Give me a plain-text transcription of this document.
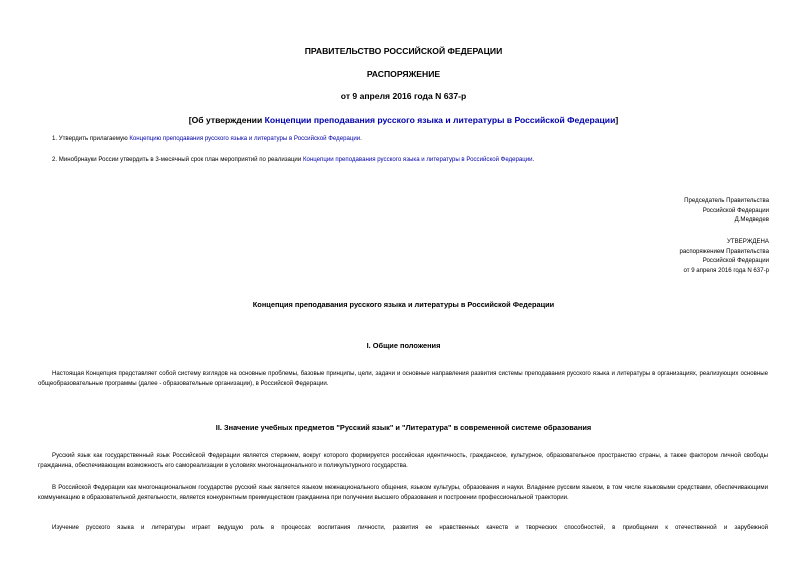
ПРАВИТЕЛЬСТВО РОССИЙСКОЙ ФЕДЕРАЦИИ
РАСПОРЯЖЕНИЕ
от 9 апреля 2016 года N 637-р
[Об утверждении Концепции преподавания русского языка и литературы в Российской Федерации]
1. Утвердить прилагаемую Концепцию преподавания русского языка и литературы в Российской Федерации.
2. Минобрнауки России утвердить в 3-месячный срок план мероприятий по реализации Концепции преподавания русского языка и литературы в Российской Федерации.
Председатель Правительства
Российской Федерации
Д.Медведев
УТВЕРЖДЕНА
распоряжением Правительства
Российской Федерации
от 9 апреля 2016 года N 637-р
Концепция преподавания русского языка и литературы в Российской Федерации
I. Общие положения
Настоящая Концепция представляет собой систему взглядов на основные проблемы, базовые принципы, цели, задачи и основные направления развития системы преподавания русского языка и литературы в организациях, реализующих основные общеобразовательные программы (далее - образовательные организации), в Российской Федерации.
II. Значение учебных предметов "Русский язык" и "Литература" в современной системе образования
Русский язык как государственный язык Российской Федерации является стержнем, вокруг которого формируется российская идентичность, гражданское, культурное, образовательное пространство страны, а также фактором личной свободы гражданина, обеспечивающим возможность его самореализации в условиях многонационального и поликультурного государства.
В Российской Федерации как многонациональном государстве русский язык является языком межнационального общения, языком культуры, образования и науки. Владение русским языком, в том числе языковыми средствами, обеспечивающими коммуникацию в образовательной деятельности, является конкурентным преимуществом гражданина при получении высшего образования и построении профессиональной траектории.
Изучение русского языка и литературы играет ведущую роль в процессах воспитания личности, развития ее нравственных качеств и творческих способностей, в приобщении к отечественной и зарубежной
